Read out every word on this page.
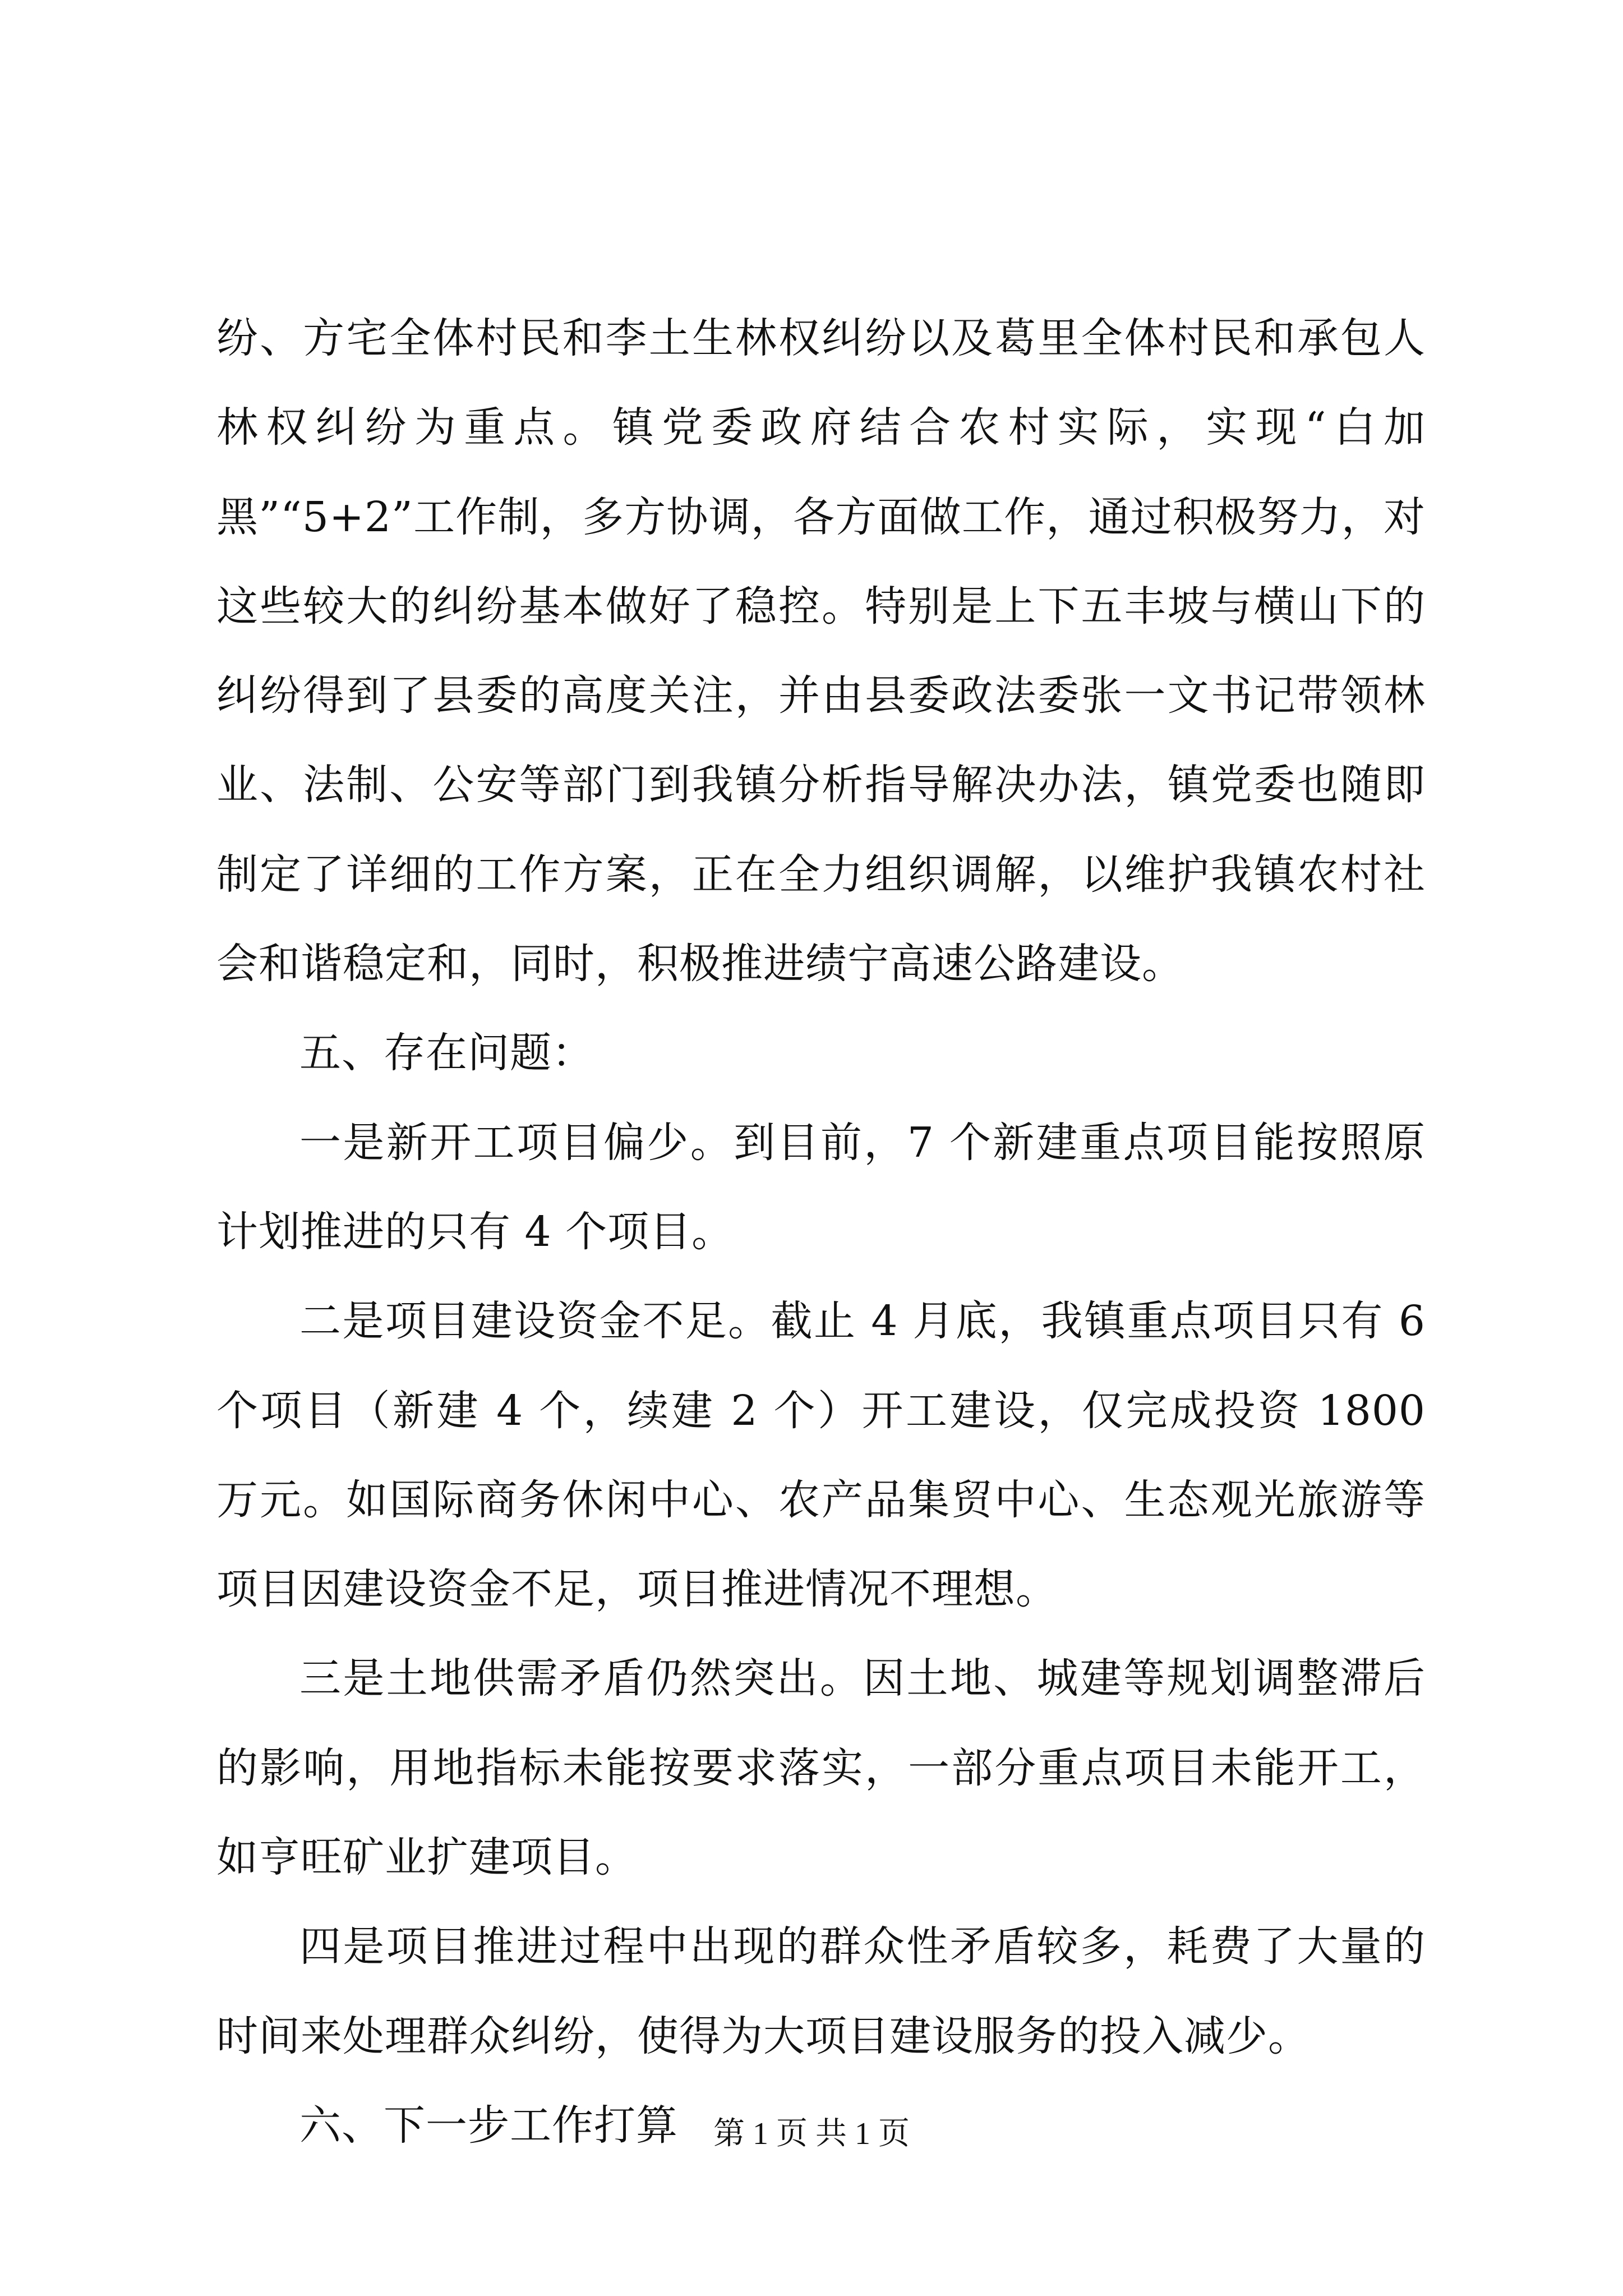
纷、方宅全体村民和李土生林权纠纷以及葛里全体村民和承包人林权纠纷为重点。镇党委政府结合农村实际，实现“白加黑”“5+2”工作制，多方协调，各方面做工作，通过积极努力，对这些较大的纠纷基本做好了稳控。特别是上下五丰坡与横山下的纠纷得到了县委的高度关注，并由县委政法委张一文书记带领林业、法制、公安等部门到我镇分析指导解决办法，镇党委也随即制定了详细的工作方案，正在全力组织调解，以维护我镇农村社会和谐稳定和，同时，积极推进绩宁高速公路建设。

五、存在问题：

一是新开工项目偏少。到目前，7 个新建重点项目能按照原计划推进的只有 4 个项目。

二是项目建设资金不足。截止 4 月底，我镇重点项目只有 6 个项目（新建 4 个，续建 2 个）开工建设，仅完成投资 1800 万元。如国际商务休闲中心、农产品集贸中心、生态观光旅游等项目因建设资金不足，项目推进情况不理想。

三是土地供需矛盾仍然突出。因土地、城建等规划调整滞后的影响，用地指标未能按要求落实，一部分重点项目未能开工，如亨旺矿业扩建项目。

四是项目推进过程中出现的群众性矛盾较多，耗费了大量的时间来处理群众纠纷，使得为大项目建设服务的投入减少。

六、下一步工作打算	第 1 页 共 1 页
